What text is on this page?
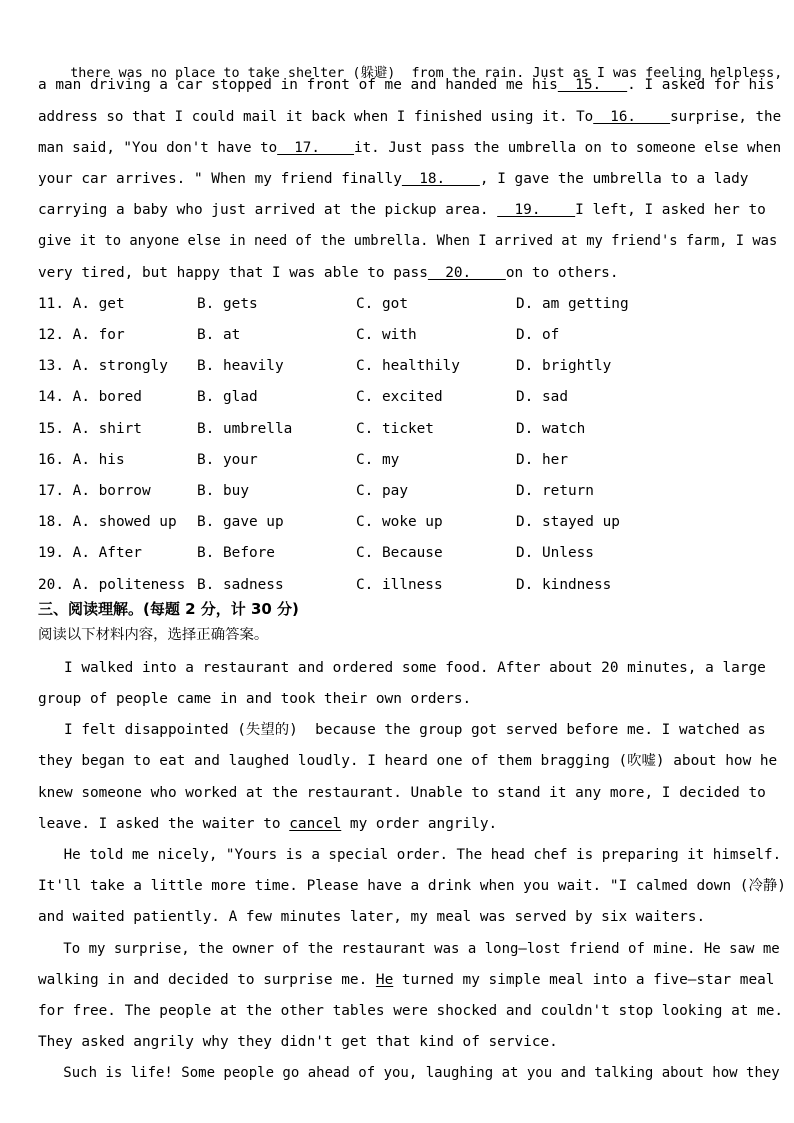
there was no place to take shelter (躲避)  from the rain. Just as I was feeling helpless,

a man driving a car stopped in front of me and handed me his  15.   . I asked for his
address so that I could mail it back when I finished using it. To  16.    surprise, the
man said, "You don't have to  17.    it. Just pass the umbrella on to someone else when
your car arrives. " When my friend finally  18.    , I gave the umbrella to a lady
carrying a baby who just arrived at the pickup area.   19.    I left, I asked her to
give it to anyone else in need of the umbrella. When I arrived at my friend's farm, I was
very tired, but happy that I was able to pass  20.    on to others.
11. A. get	B. gets	C. got	D. am getting
12. A. for	B. at	C. with	D. of
13. A. strongly B. heavily	C. healthily	D. brightly
14. A. bored	B. glad	C. excited	D. sad
15. A. shirt	B. umbrella	C. ticket	D. watch
16. A. his	B. your	C. my	D. her
17. A. borrow	B. buy	C. pay	D. return
18. A. showed up B. gave up	C. woke up	D. stayed up
19. A. After	B. Before	C. Because	D. Unless
20. A. politeness B. sadness	C. illness	D. kindness
三、阅读理解。(每题 2 分，计 30 分)
阅读以下材料内容，选择正确答案。
I walked into a restaurant and ordered some food. After about 20 minutes, a large
group of people came in and took their own orders.
I felt disappointed (失望的)  because the group got served before me. I watched as
they began to eat and laughed loudly. I heard one of them bragging (吹嘘) about how he
knew someone who worked at the restaurant. Unable to stand it any more, I decided to
leave. I asked the waiter to cancel my order angrily.
He told me nicely, "Yours is a special order. The head chef is preparing it himself.
It'll take a little more time. Please have a drink when you wait. "I calmed down (冷静)
and waited patiently. A few minutes later, my meal was served by six waiters.
To my surprise, the owner of the restaurant was a long—lost friend of mine. He saw me
walking in and decided to surprise me. He turned my simple meal into a five—star meal
for free. The people at the other tables were shocked and couldn't stop looking at me.
They asked angrily why they didn't get that kind of service.
Such is life! Some people go ahead of you, laughing at you and talking about how they
